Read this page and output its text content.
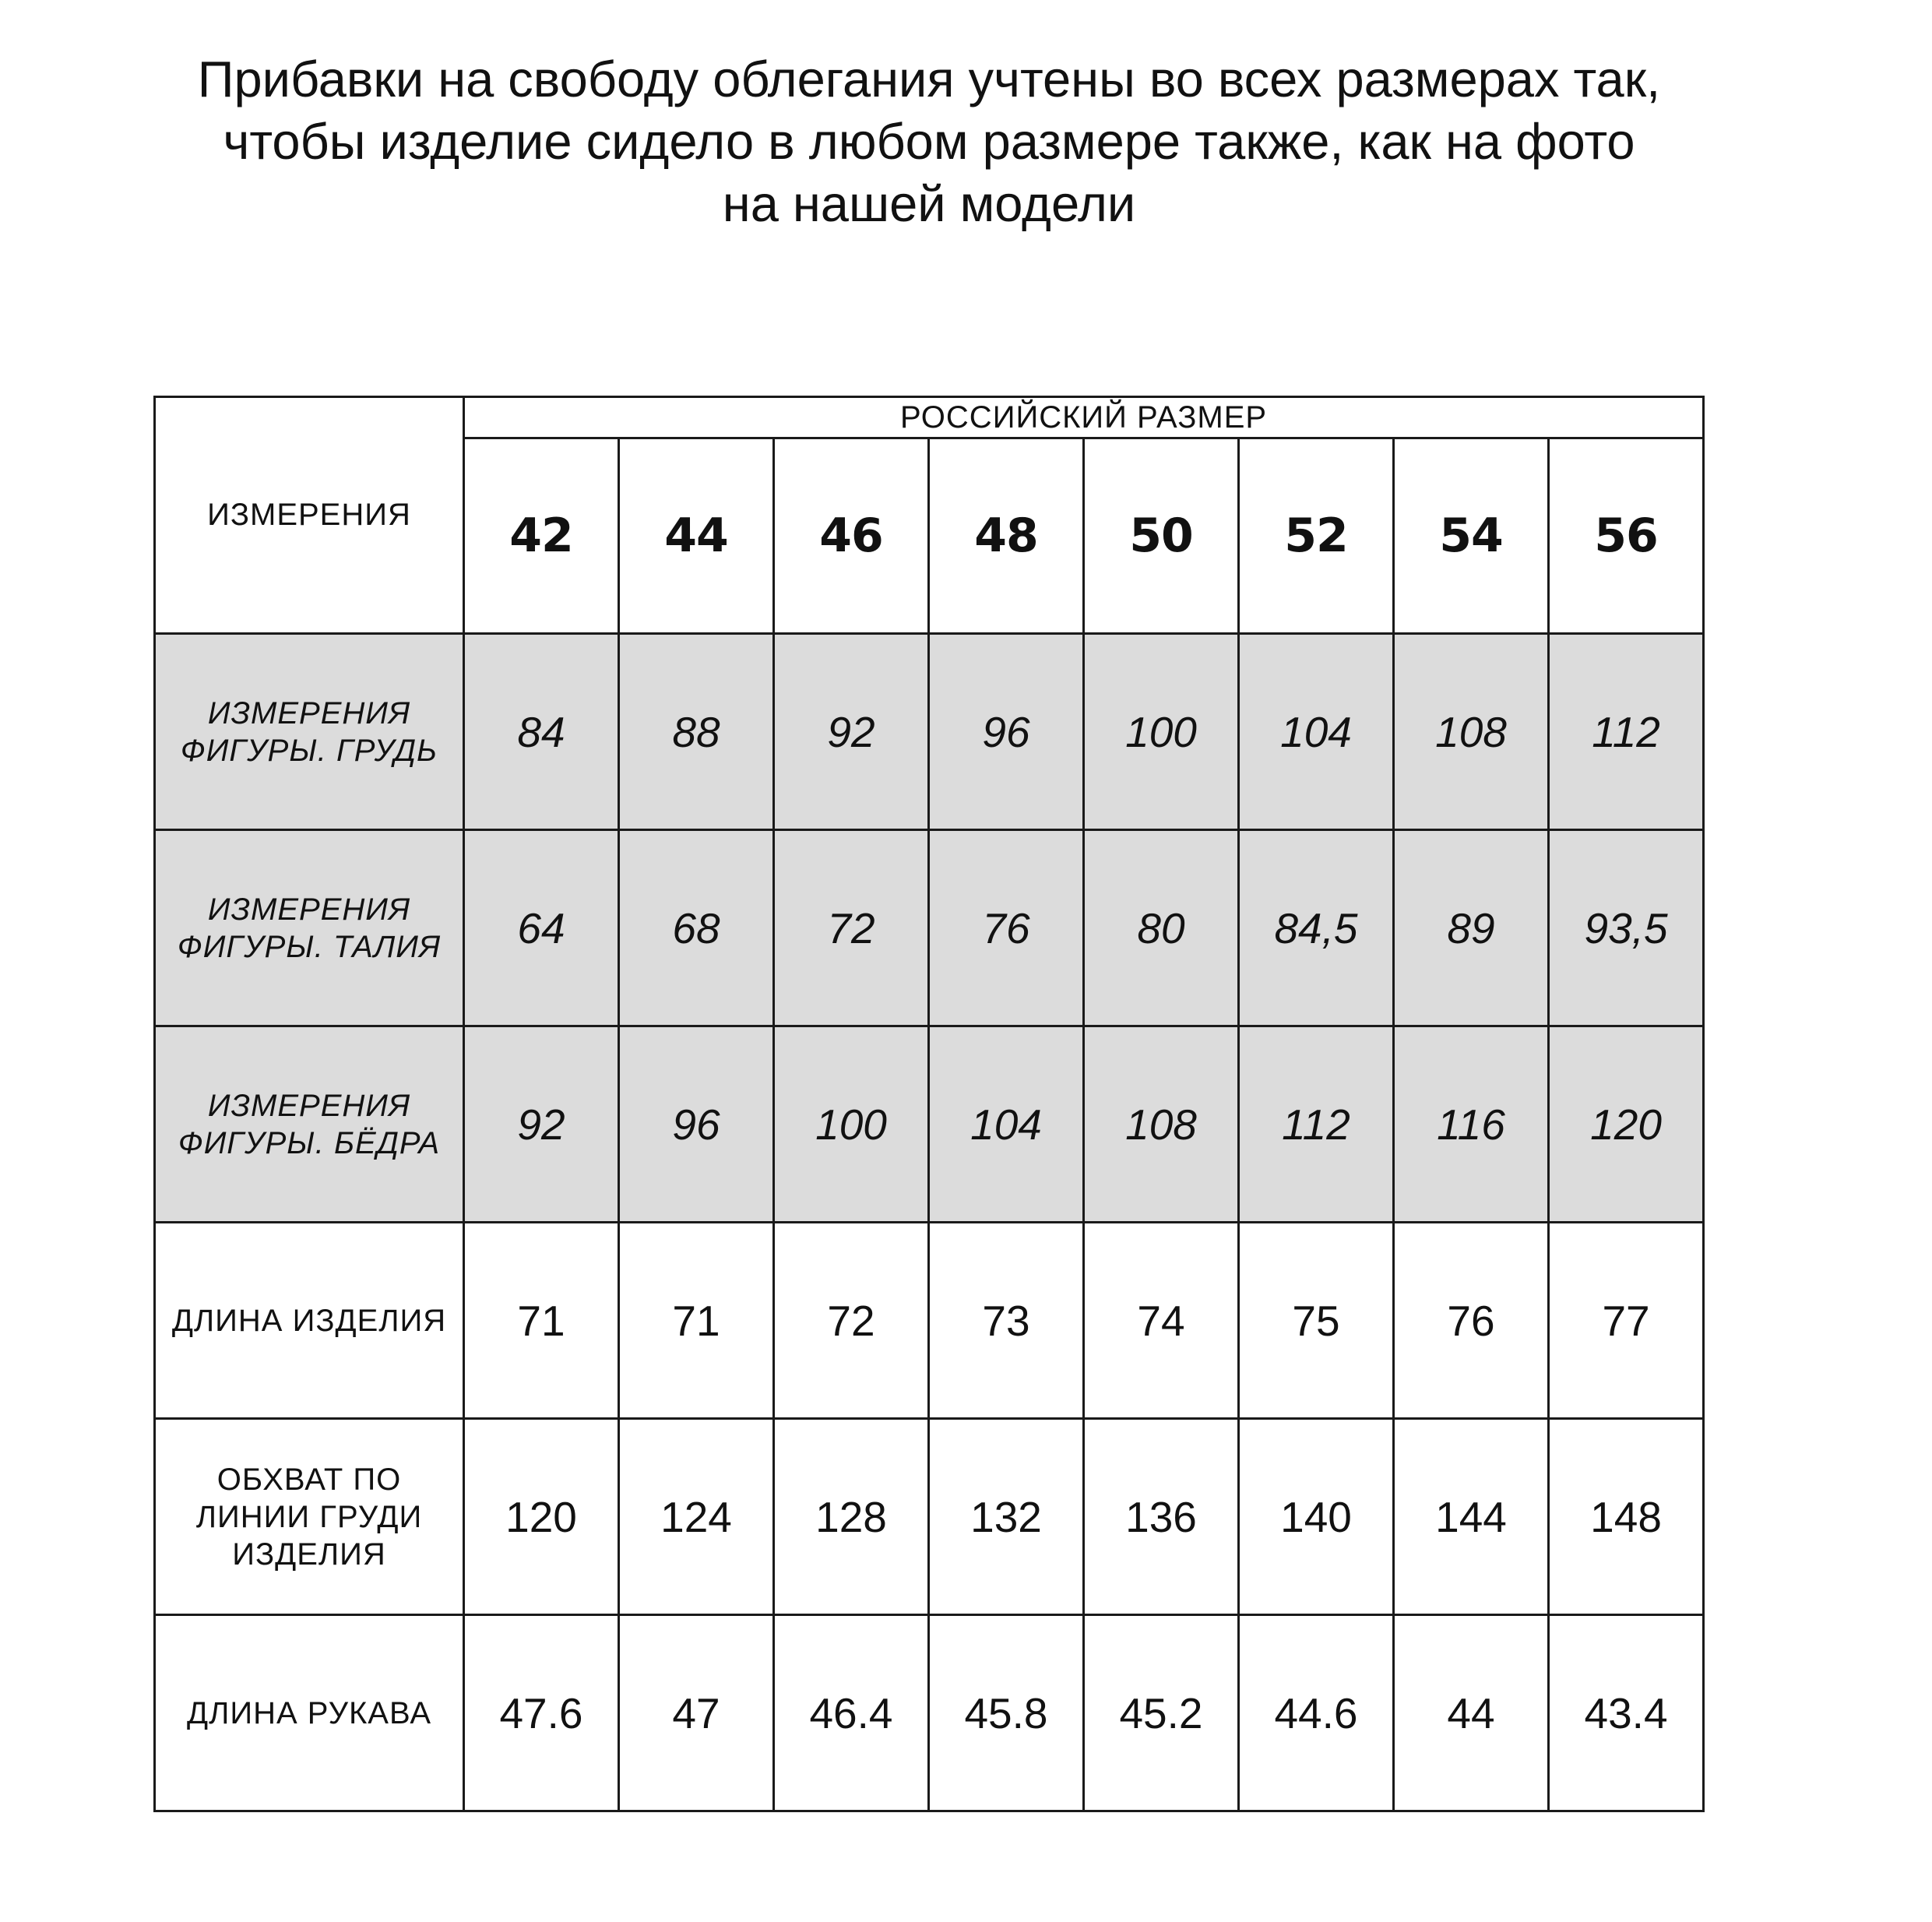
Прибавки на свободу облегания учтены во всех размерах так,
чтобы изделие сидело в любом размере также, как на фото
на нашей модели
ИЗМЕРЕНИЯ	РОССИЙСКИЙ РАЗМЕР							
	42	44	46	48	50	52	54	56

ИЗМЕРЕНИЯ
ФИГУРЫ. ГРУДЬ	84	88	92	96	100	104	108	112

ИЗМЕРЕНИЯ
ФИГУРЫ. ТАЛИЯ	64	68	72	76	80	84,5	89	93,5

ИЗМЕРЕНИЯ
ФИГУРЫ. БЁДРА	92	96	100	104	108	112	116	120

ДЛИНА ИЗДЕЛИЯ	71	71	72	73	74	75	76	77

ОБХВАТ ПО
ЛИНИИ ГРУДИ
ИЗДЕЛИЯ	120	124	128	132	136	140	144	148

ДЛИНА РУКАВА	47.6	47	46.4	45.8	45.2	44.6	44	43.4
